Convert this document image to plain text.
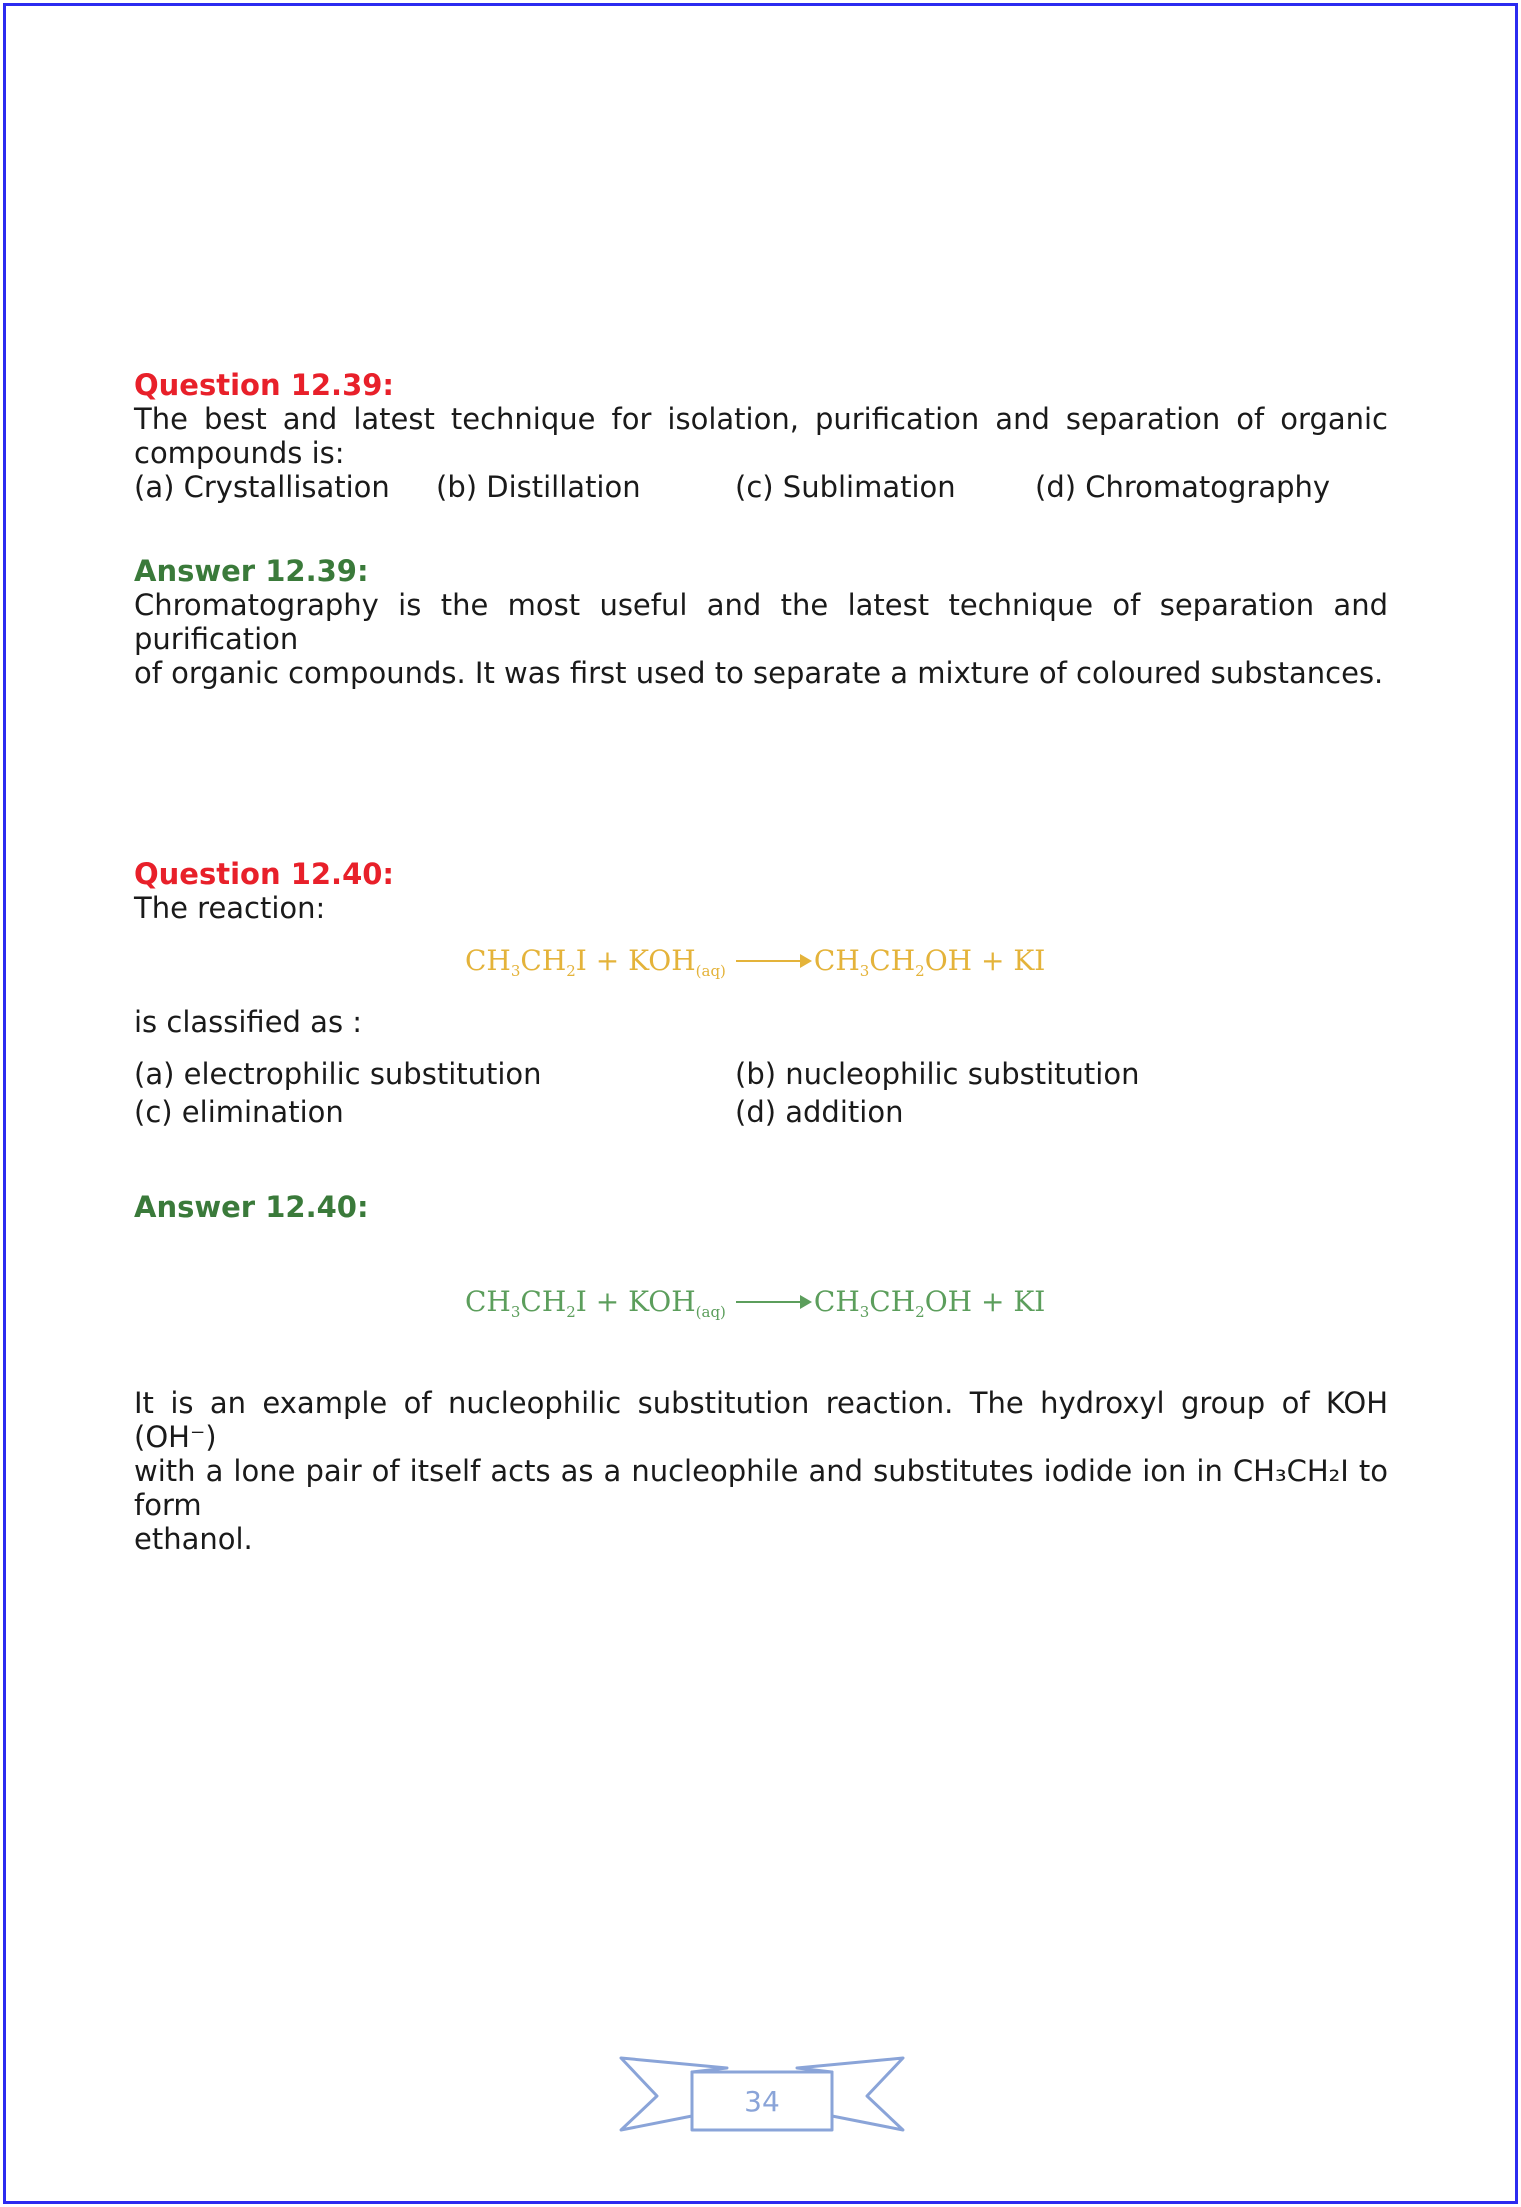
Question 12.39:
The best and latest technique for isolation, purification and separation of organic
compounds is:
(a) Crystallisation	(b) Distillation	(c) Sublimation	(d) Chromatography
Answer 12.39:
Chromatography is the most useful and the latest technique of separation and purification
of organic compounds. It was first used to separate a mixture of coloured substances.
Question 12.40:
The reaction:
$CH_3CH_2I + KOH_{(aq)} \to CH_3CH_2OH$ + KI
is classified as :
(a) electrophilic substitution	(b) nucleophilic substitution
(c) elimination	(d) addition
Answer 12.40:
$CH_3CH_2I + KOH_{(aq)} \to CH_3CH_2OH$ + KI
It is an example of nucleophilic substitution reaction. The hydroxyl group of KOH (OH⁻)
with a lone pair of itself acts as a nucleophile and substitutes iodide ion in CH₃CH₂I to form
ethanol.
34
